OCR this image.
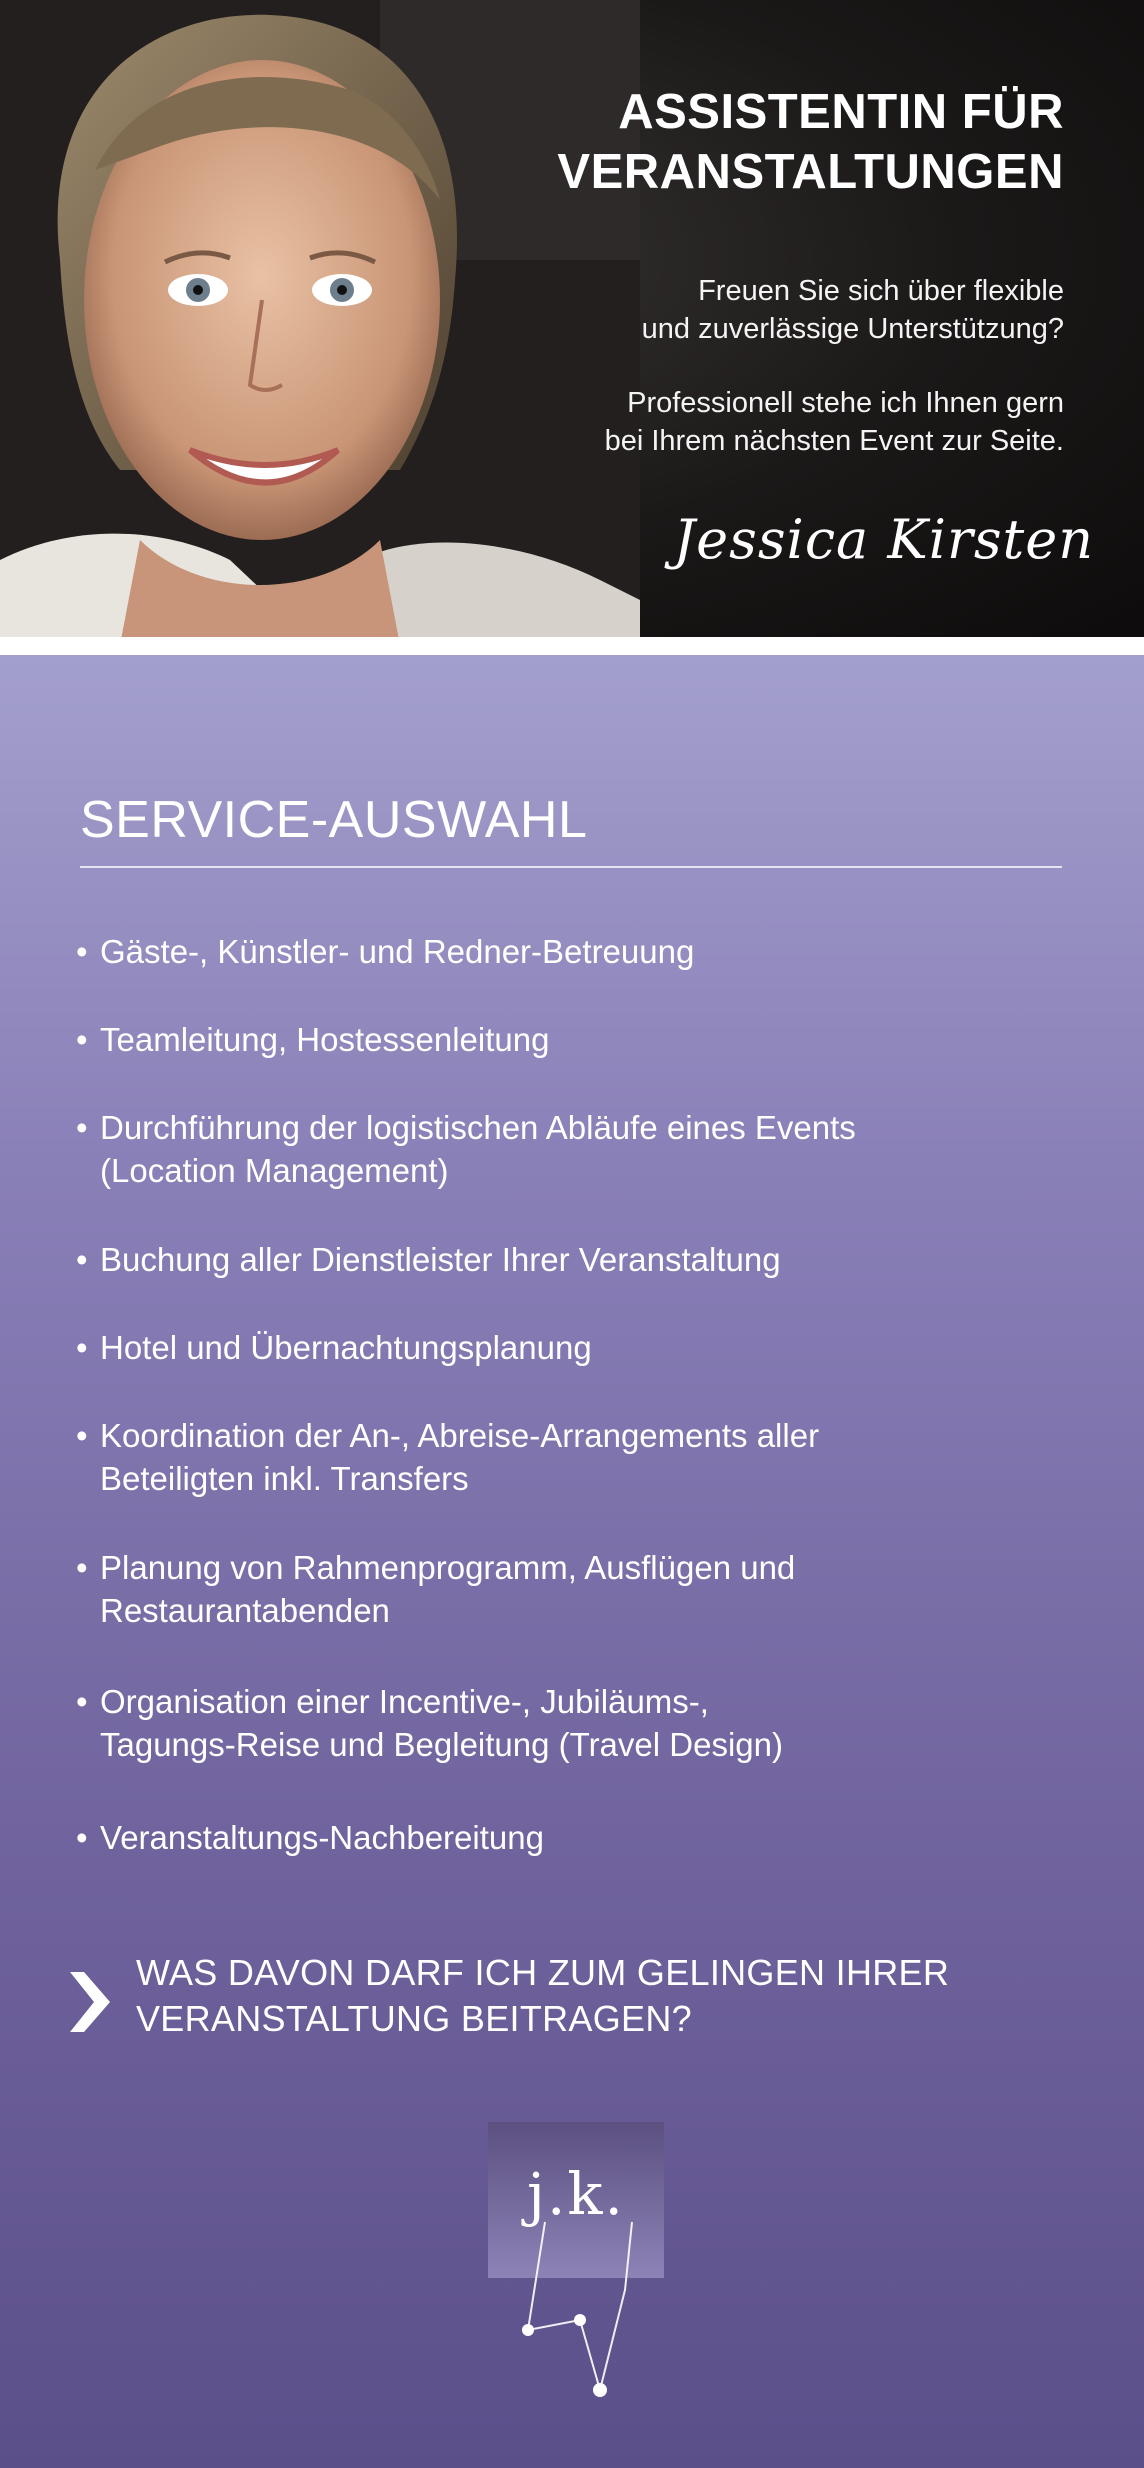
ASSISTENTIN FÜR
VERANSTALTUNGEN
Freuen Sie sich über flexible
und zuverlässige Unterstützung?
Professionell stehe ich Ihnen gern
bei Ihrem nächsten Event zur Seite.
Jessica Kirsten
SERVICE-AUSWAHL
• Gäste-, Künstler- und Redner-Betreuung
• Teamleitung, Hostessenleitung
• Durchführung der logistischen Abläufe eines Events
(Location Management)
• Buchung aller Dienstleister Ihrer Veranstaltung
• Hotel und Übernachtungsplanung
• Koordination der An-, Abreise-Arrangements aller
Beteiligten inkl. Transfers
• Planung von Rahmenprogramm, Ausflügen und
Restaurantabenden
• Organisation einer Incentive-, Jubiläums-,
Tagungs-Reise und Begleitung (Travel Design)
• Veranstaltungs-Nachbereitung
WAS DAVON DARF ICH ZUM GELINGEN IHRER
VERANSTALTUNG BEITRAGEN?
j.k.
